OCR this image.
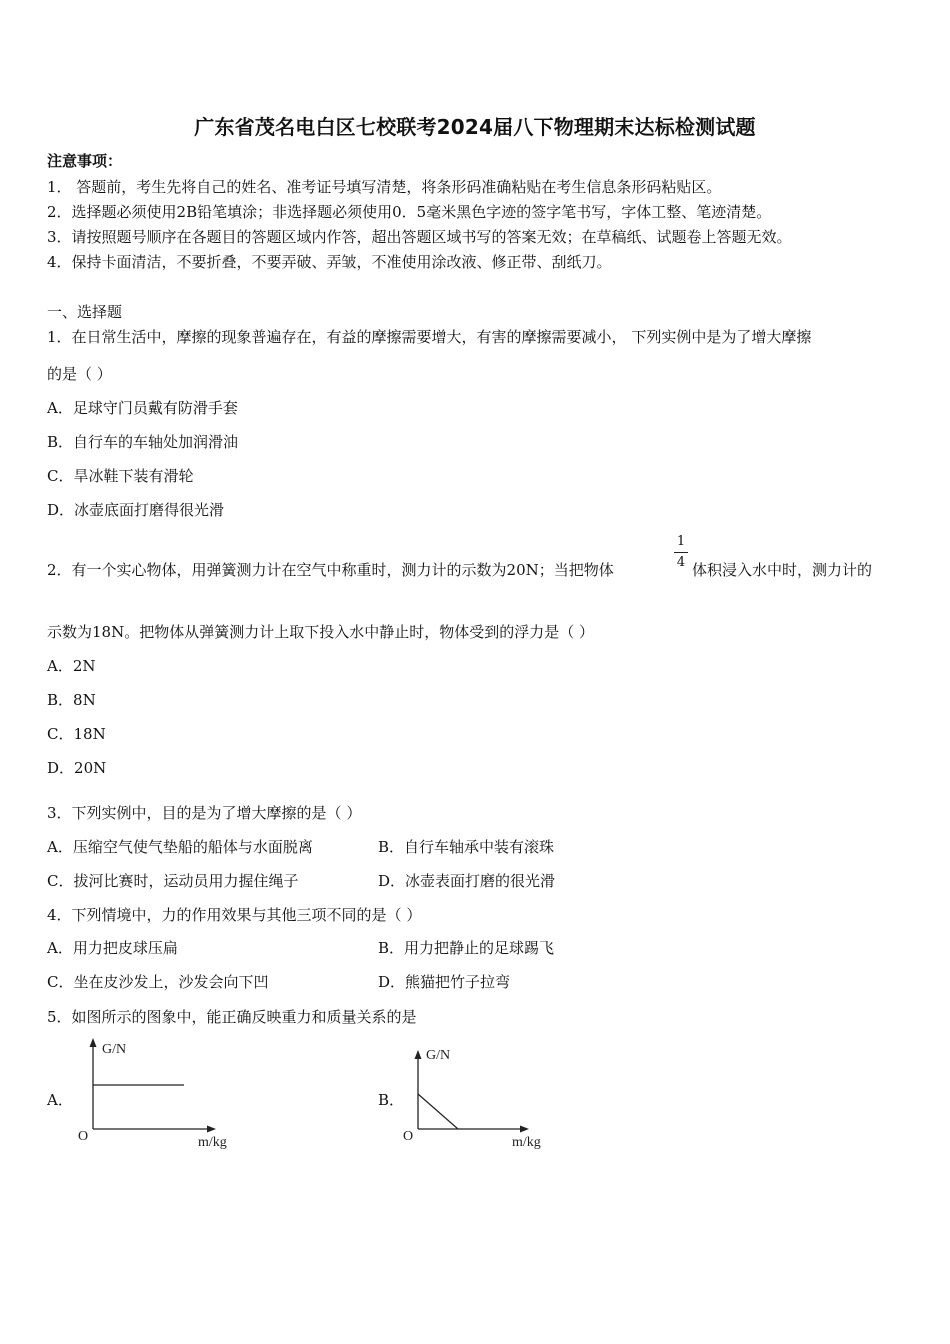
广东省茂名电白区七校联考2024届八下物理期末达标检测试题
注意事项：
1． 答题前，考生先将自己的姓名、准考证号填写清楚，将条形码准确粘贴在考生信息条形码粘贴区。
2．选择题必须使用2B铅笔填涂；非选择题必须使用0．5毫米黑色字迹的签字笔书写，字体工整、笔迹清楚。
3．请按照题号顺序在各题目的答题区域内作答，超出答题区域书写的答案无效；在草稿纸、试题卷上答题无效。
4．保持卡面清洁，不要折叠，不要弄破、弄皱，不准使用涂改液、修正带、刮纸刀。
一、选择题
1．在日常生活中，摩擦的现象普遍存在，有益的摩擦需要增大，有害的摩擦需要减小， 下列实例中是为了增大摩擦
的是（ ）
A．足球守门员戴有防滑手套
B．自行车的车轴处加润滑油
C．旱冰鞋下装有滑轮
D．冰壶底面打磨得很光滑
2．有一个实心物体，用弹簧测力计在空气中称重时，测力计的示数为20N；当把物体
1
4 体积浸入水中时，测力计的
示数为18N。把物体从弹簧测力计上取下投入水中静止时，物体受到的浮力是（ ）
A．2N
B．8N
C．18N
D．20N
3．下列实例中，目的是为了增大摩擦的是（ ）
A．压缩空气使气垫船的船体与水面脱离	B．自行车轴承中装有滚珠
C．拔河比赛时，运动员用力握住绳子	D．冰壶表面打磨的很光滑
4．下列情境中，力的作用效果与其他三项不同的是（ ）
A．用力把皮球压扁	B．用力把静止的足球踢飞
C．坐在皮沙发上，沙发会向下凹	D．熊猫把竹子拉弯
5．如图所示的图象中，能正确反映重力和质量关系的是
A．
G/N
O	m/kg
B．
G/N
O	m/kg
